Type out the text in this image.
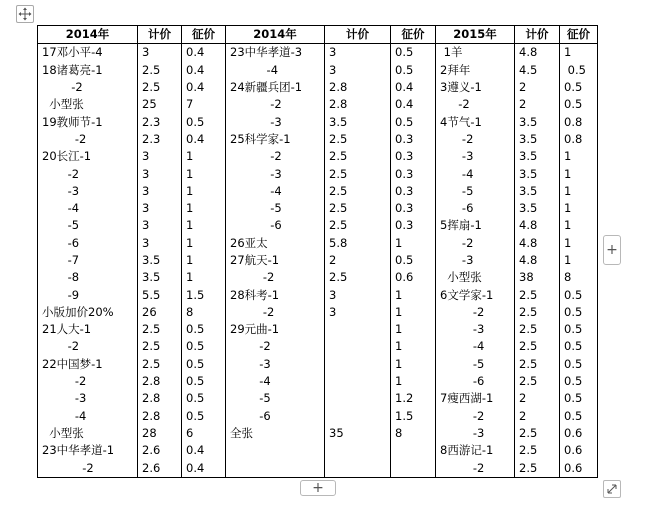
2014年	计价	征价	2014年	计价	征价	2015年	计价	征价
17邓小平-4	3	0.4	23中华孝道-3	3	0.5	1羊	4.8	1
18诸葛亮-1	2.5	0.4	-4	3	0.5	2拜年	4.5	0.5
-2	2.5	0.4	24新疆兵团-1	2.8	0.4	3遵义-1	2	0.5
小型张	25	7	-2	2.8	0.4	-2	2	0.5
19教师节-1	2.3	0.5	-3	3.5	0.5	4节气-1	3.5	0.8
-2	2.3	0.4	25科学家-1	2.5	0.3	-2	3.5	0.8
20长江-1	3	1	-2	2.5	0.3	-3	3.5	1
-2	3	1	-3	2.5	0.3	-4	3.5	1
-3	3	1	-4	2.5	0.3	-5	3.5	1
-4	3	1	-5	2.5	0.3	-6	3.5	1
-5	3	1	-6	2.5	0.3	5挥扇-1	4.8	1
-6	3	1	26亚太	5.8	1	-2	4.8	1
-7	3.5	1	27航天-1	2	0.5	-3	4.8	1
-8	3.5	1	-2	2.5	0.6	小型张	38	8
-9	5.5	1.5	28科考-1	3	1	6文学家-1	2.5	0.5
小版加价20%	26	8	-2	3	1	-2	2.5	0.5
21人大-1	2.5	0.5	29元曲-1		1	-3	2.5	0.5
-2	2.5	0.5	-2		1	-4	2.5	0.5
22中国梦-1	2.5	0.5	-3		1	-5	2.5	0.5
-2	2.8	0.5	-4		1	-6	2.5	0.5
-3	2.8	0.5	-5		1.2	7瘦西湖-1	2	0.5
-4	2.8	0.5	-6		1.5	-2	2	0.5
小型张	28	6	全张	35	8	-3	2.5	0.6
23中华孝道-1	2.6	0.4				8西游记-1	2.5	0.6
-2	2.6	0.4				-2	2.5	0.6
+
+
